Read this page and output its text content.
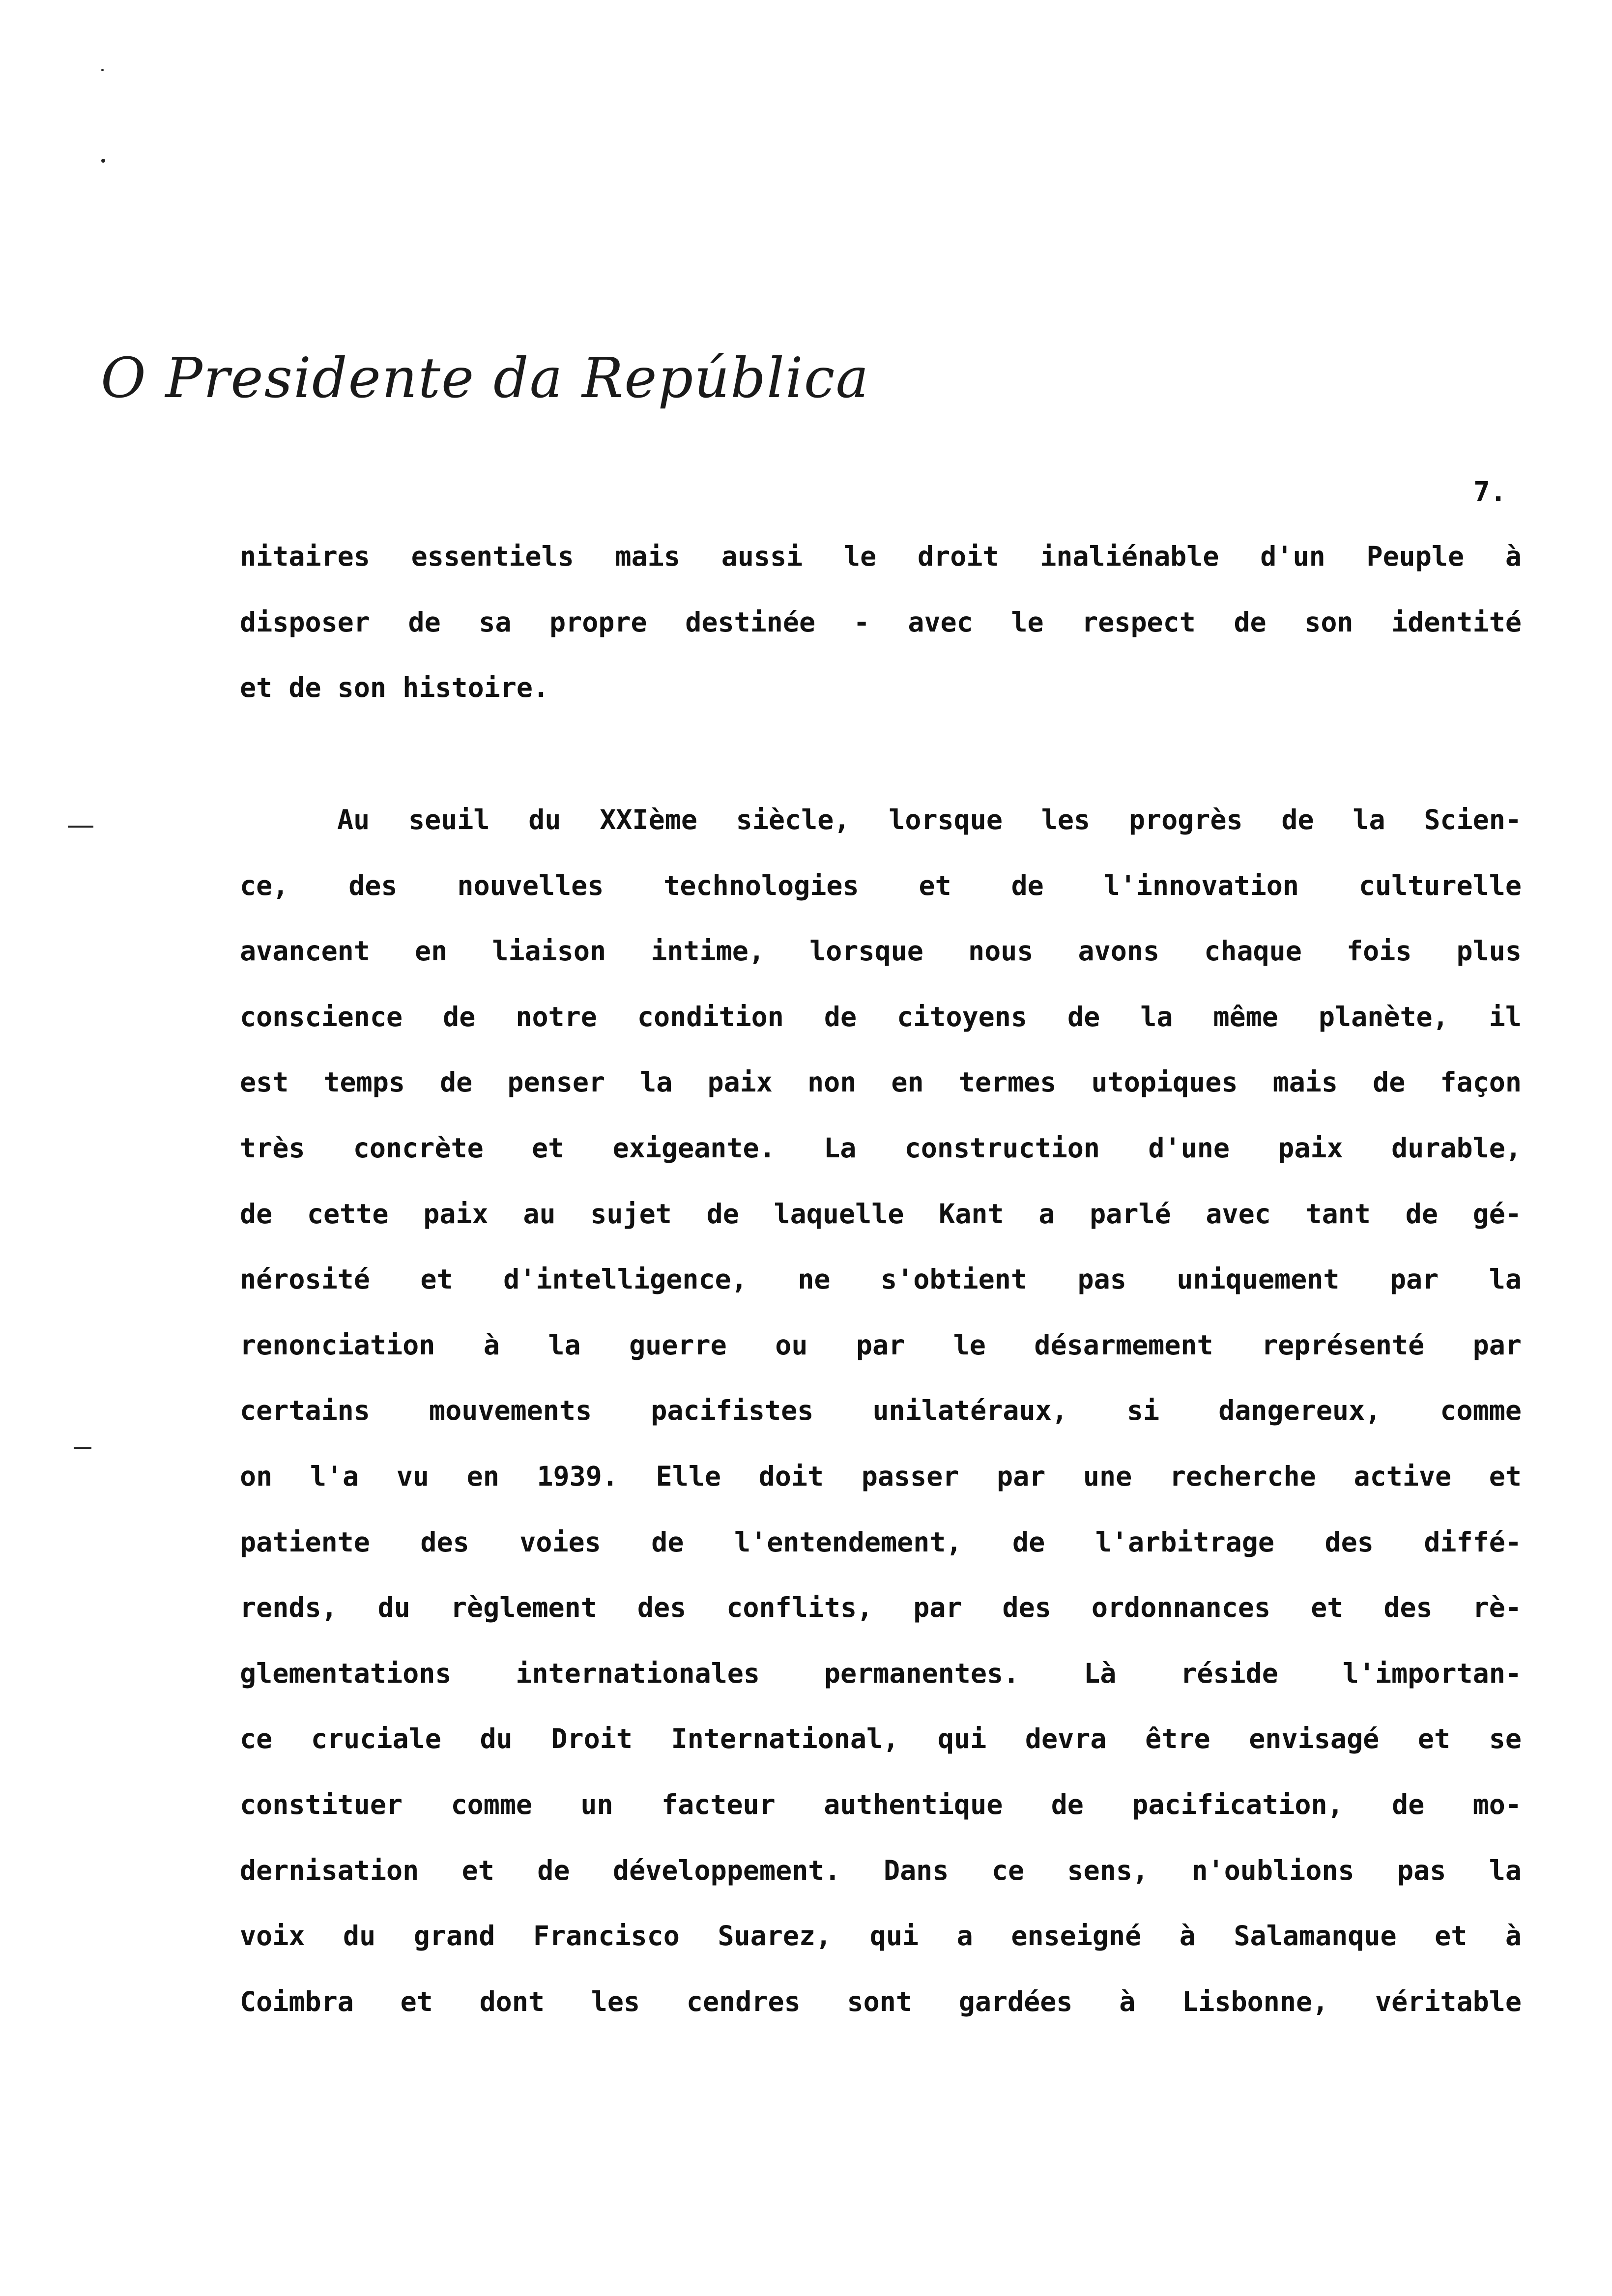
O Presidente da República
7.
nitaires essentiels mais aussi le droit inaliénable d'un Peuple à
disposer de sa propre destinée - avec le respect de son identité
et de son histoire.
Au seuil du XXIème siècle, lorsque les progrès de la Scien-
ce, des nouvelles technologies et de l'innovation culturelle
avancent en liaison intime, lorsque nous avons chaque fois plus
conscience de notre condition de citoyens de la même planète, il
est temps de penser la paix non en termes utopiques mais de façon
très concrète et exigeante. La construction d'une paix durable,
de cette paix au sujet de laquelle Kant a parlé avec tant de gé-
nérosité et d'intelligence, ne s'obtient pas uniquement par la
renonciation à la guerre ou par le désarmement représenté par
certains mouvements pacifistes unilatéraux, si dangereux, comme
on l'a vu en 1939. Elle doit passer par une recherche active et
patiente des voies de l'entendement, de l'arbitrage des diffé-
rends, du règlement des conflits, par des ordonnances et des rè-
glementations internationales permanentes. Là réside l'importan-
ce cruciale du Droit International, qui devra être envisagé et se
constituer comme un facteur authentique de pacification, de mo-
dernisation et de développement. Dans ce sens, n'oublions pas la
voix du grand Francisco Suarez, qui a enseigné à Salamanque et à
Coimbra et dont les cendres sont gardées à Lisbonne, véritable
